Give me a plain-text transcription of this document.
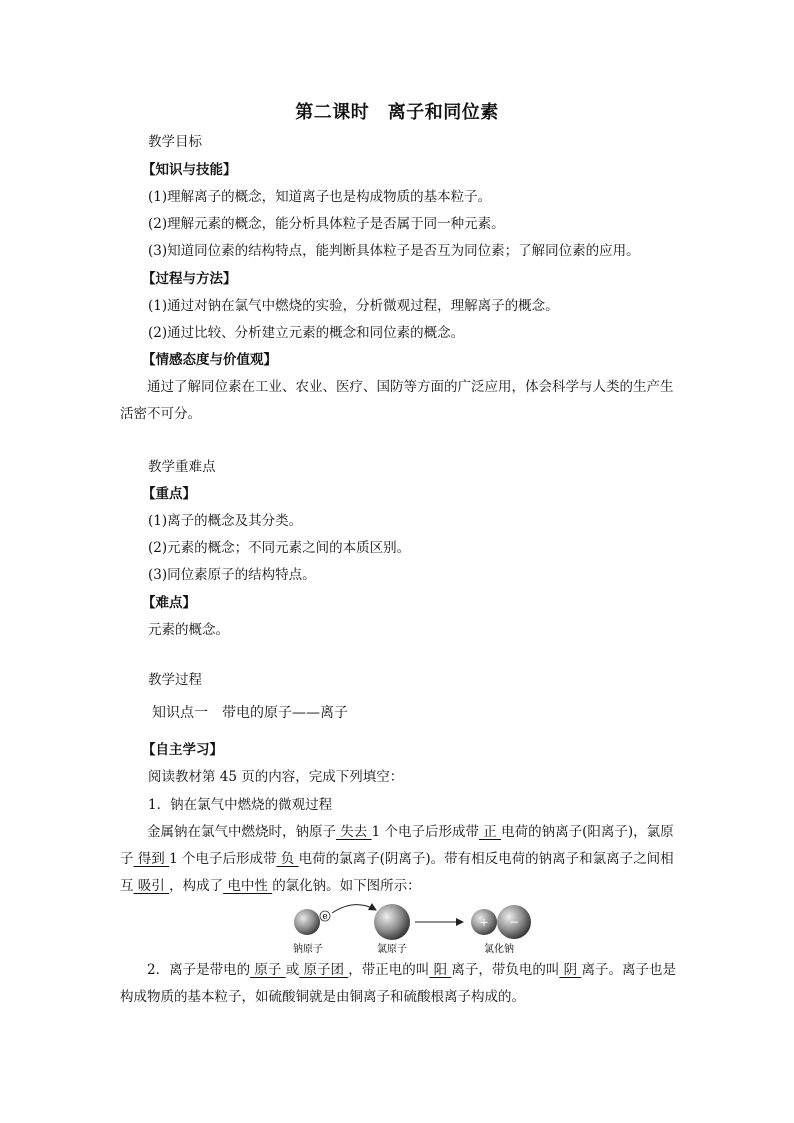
第二课时　离子和同位素
教学目标
【知识与技能】
(1)理解离子的概念，知道离子也是构成物质的基本粒子。
(2)理解元素的概念，能分析具体粒子是否属于同一种元素。
(3)知道同位素的结构特点，能判断具体粒子是否互为同位素；了解同位素的应用。
【过程与方法】
(1)通过对钠在氯气中燃烧的实验，分析微观过程，理解离子的概念。
(2)通过比较、分析建立元素的概念和同位素的概念。
【情感态度与价值观】
通过了解同位素在工业、农业、医疗、国防等方面的广泛应用，体会科学与人类的生产生活密不可分。
教学重难点
【重点】
(1)离子的概念及其分类。
(2)元素的概念；不同元素之间的本质区别。
(3)同位素原子的结构特点。
【难点】
元素的概念。
教学过程
知识点一　带电的原子——离子
【自主学习】
阅读教材第 45 页的内容，完成下列填空：
1．钠在氯气中燃烧的微观过程
金属钠在氯气中燃烧时，钠原子 失去 1 个电子后形成带 正 电荷的钠离子(阳离子)，氯原子 得到 1 个电子后形成带 负 电荷的氯离子(阴离子)。带有相反电荷的钠离子和氯离子之间相互 吸引 ，构成了 电中性 的氯化钠。如下图所示：
e	+ −
钠原子	氯原子	氯化钠
2．离子是带电的 原子 或 原子团 ，带正电的叫 阳 离子，带负电的叫 阴 离子。离子也是构成物质的基本粒子，如硫酸铜就是由铜离子和硫酸根离子构成的。
